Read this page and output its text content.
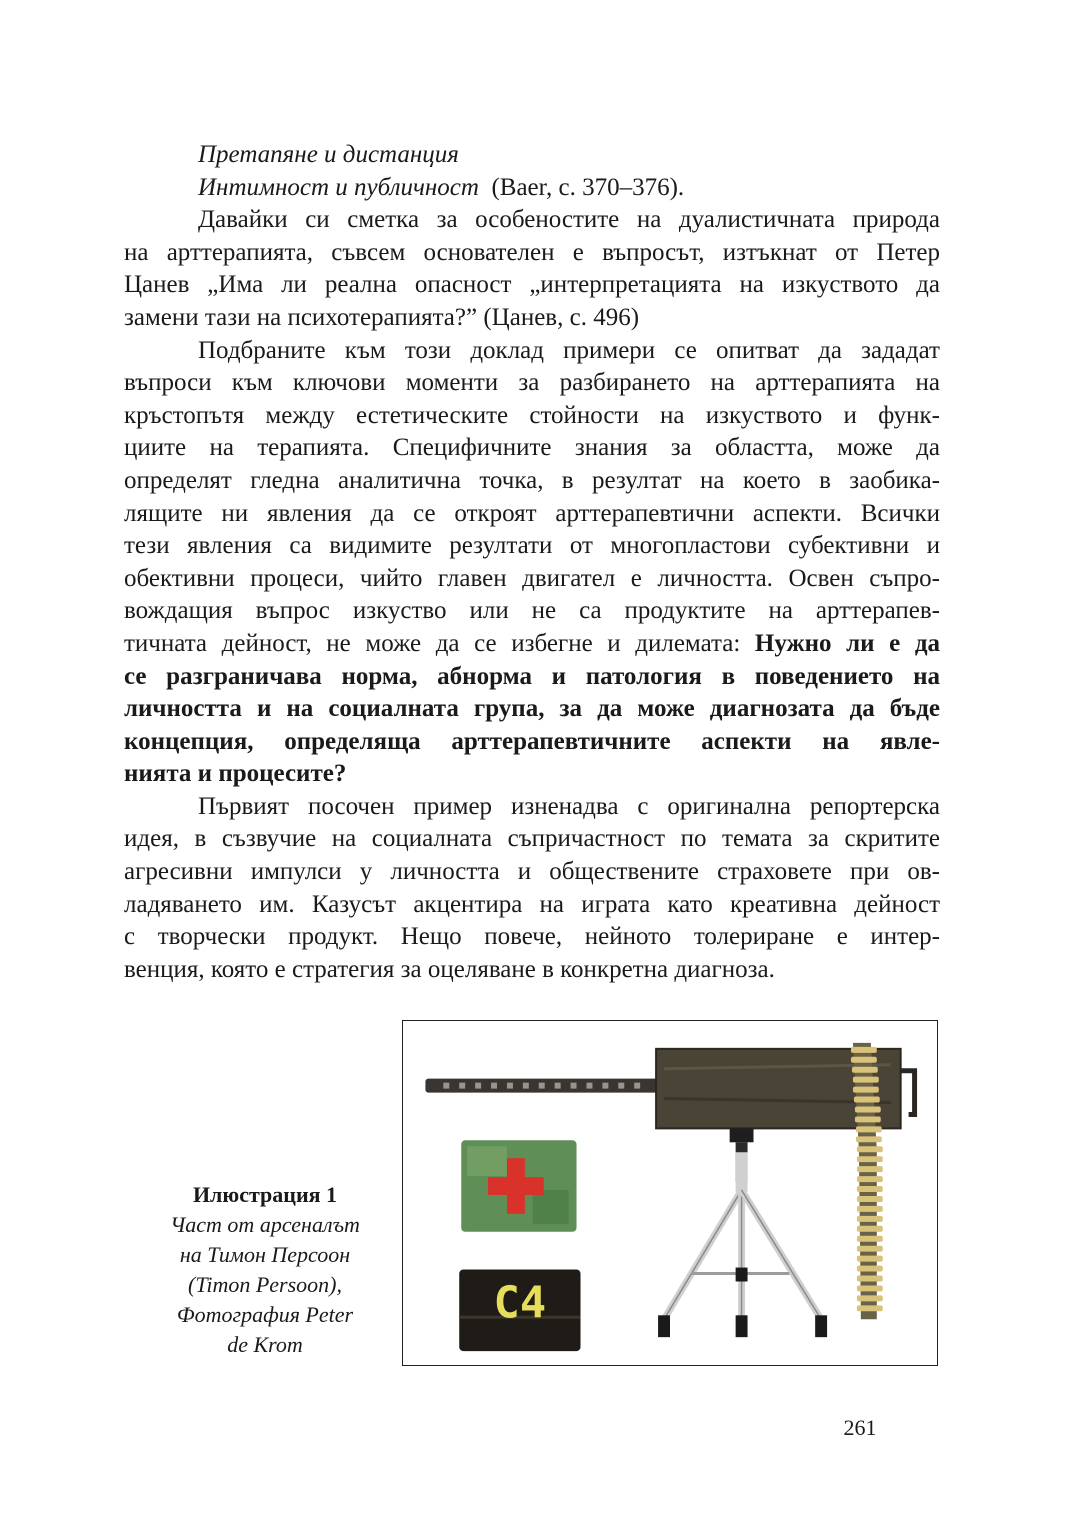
Претапяне и дистанция
Интимност и публичност (Baer, с. 370–376).
Давайки си сметка за особеностите на дуалистичната природа
на арттерапията, съвсем основателен е въпросът, изтъкнат от Петер
Цанев „Има ли реална опасност „интерпретацията на изкуството да
замени тази на психотерапията?” (Цанев, с. 496)
Подбраните към този доклад примери се опитват да зададат
въпроси към ключови моменти за разбирането на арттерапията на
кръстопътя между естетическите стойности на изкуството и функ-
циите на терапията. Специфичните знания за областта, може да
определят гледна аналитична точка, в резултат на което в заобика-
лящите ни явления да се откроят арттерапевтични аспекти. Всички
тези явления са видимите резултати от многопластови субективни и
обективни процеси, чийто главен двигател е личността. Освен съпро-
вождащия въпрос изкуство или не са продуктите на арттерапев-
тичната дейност, не може да се избегне и дилемата: Нужно ли е да
се разграничава норма, абнорма и патология в поведението на
личността и на социалната група, за да може диагнозата да бъде
концепция, определяща арттерапевтичните аспекти на явле-
нията и процесите?
Първият посочен пример изненадва с оригинална репортерска
идея, в съзвучие на социалната съпричастност по темата за скритите
агресивни импулси у личността и обществените страховете при ов-
ладяването им. Казусът акцентира на играта като креативна дейност
с творчески продукт. Нещо повече, нейното толериране е интер-
венция, която е стратегия за оцеляване в конкретна диагноза.
C4
Илюстрация 1
Част от арсеналът
на Тимон Персоон
(Timon Persoon),
Фотография Peter
de Krom
261
